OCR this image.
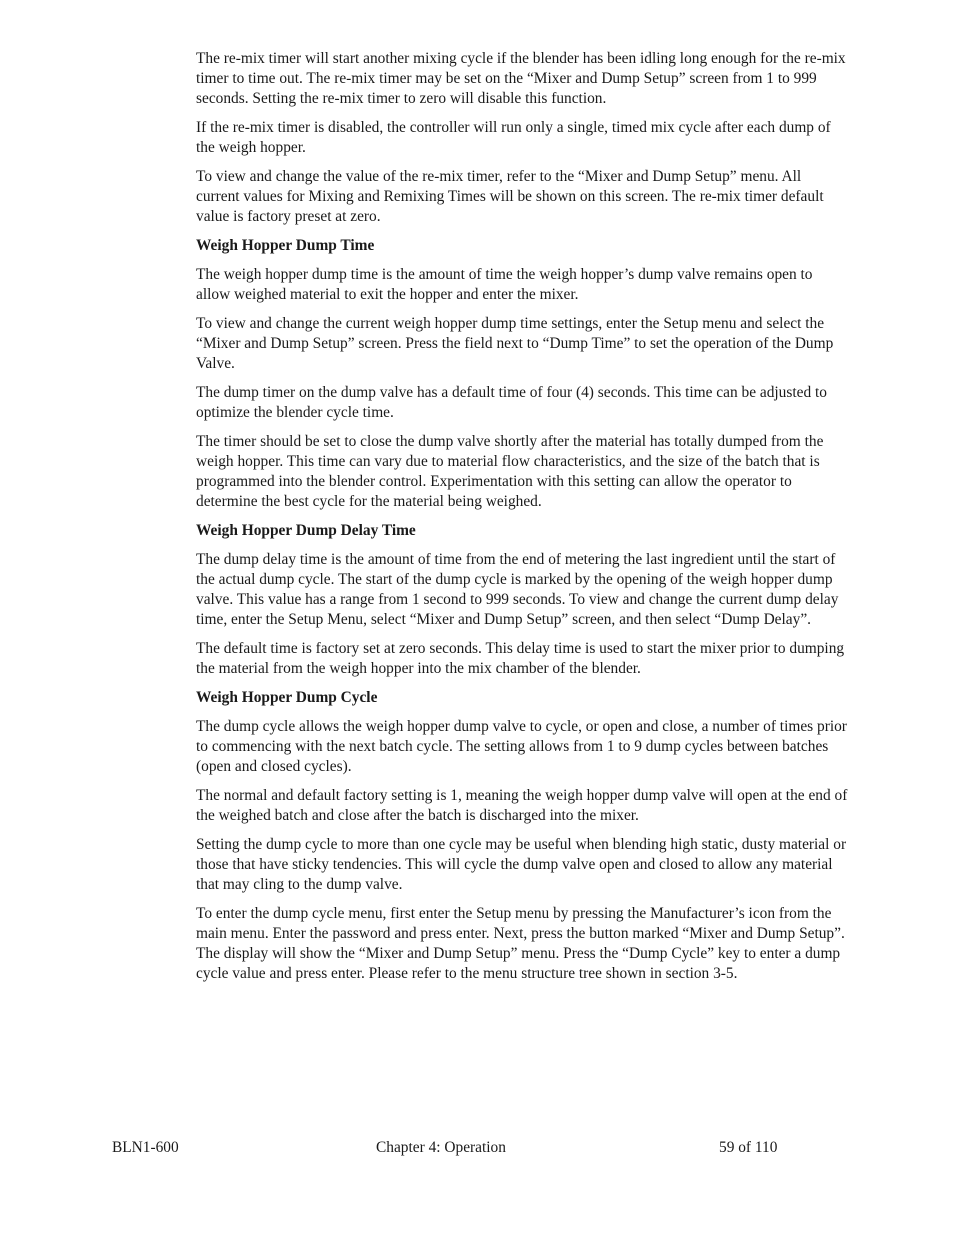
The re-mix timer will start another mixing cycle if the blender has been idling long enough for the re-mix timer to time out. The re-mix timer may be set on the “Mixer and Dump Setup” screen from 1 to 999 seconds. Setting the re-mix timer to zero will disable this function.

If the re-mix timer is disabled, the controller will run only a single, timed mix cycle after each dump of the weigh hopper.

To view and change the value of the re-mix timer, refer to the “Mixer and Dump Setup” menu. All current values for Mixing and Remixing Times will be shown on this screen. The re-mix timer default value is factory preset at zero.

Weigh Hopper Dump Time

The weigh hopper dump time is the amount of time the weigh hopper’s dump valve remains open to allow weighed material to exit the hopper and enter the mixer.

To view and change the current weigh hopper dump time settings, enter the Setup menu and select the “Mixer and Dump Setup” screen. Press the field next to “Dump Time” to set the operation of the Dump Valve.

The dump timer on the dump valve has a default time of four (4) seconds. This time can be adjusted to optimize the blender cycle time.

The timer should be set to close the dump valve shortly after the material has totally dumped from the weigh hopper. This time can vary due to material flow characteristics, and the size of the batch that is programmed into the blender control. Experimentation with this setting can allow the operator to determine the best cycle for the material being weighed.

Weigh Hopper Dump Delay Time

The dump delay time is the amount of time from the end of metering the last ingredient until the start of the actual dump cycle. The start of the dump cycle is marked by the opening of the weigh hopper dump valve. This value has a range from 1 second to 999 seconds. To view and change the current dump delay time, enter the Setup Menu, select “Mixer and Dump Setup” screen, and then select “Dump Delay”.

The default time is factory set at zero seconds. This delay time is used to start the mixer prior to dumping the material from the weigh hopper into the mix chamber of the blender.

Weigh Hopper Dump Cycle

The dump cycle allows the weigh hopper dump valve to cycle, or open and close, a number of times prior to commencing with the next batch cycle. The setting allows from 1 to 9 dump cycles between batches (open and closed cycles).

The normal and default factory setting is 1, meaning the weigh hopper dump valve will open at the end of the weighed batch and close after the batch is discharged into the mixer.

Setting the dump cycle to more than one cycle may be useful when blending high static, dusty material or those that have sticky tendencies. This will cycle the dump valve open and closed to allow any material that may cling to the dump valve.

To enter the dump cycle menu, first enter the Setup menu by pressing the Manufacturer’s icon from the main menu. Enter the password and press enter. Next, press the button marked “Mixer and Dump Setup”. The display will show the “Mixer and Dump Setup” menu. Press the “Dump Cycle” key to enter a dump cycle value and press enter. Please refer to the menu structure tree shown in section 3-5.

BLN1-600	Chapter 4: Operation	59 of 110
